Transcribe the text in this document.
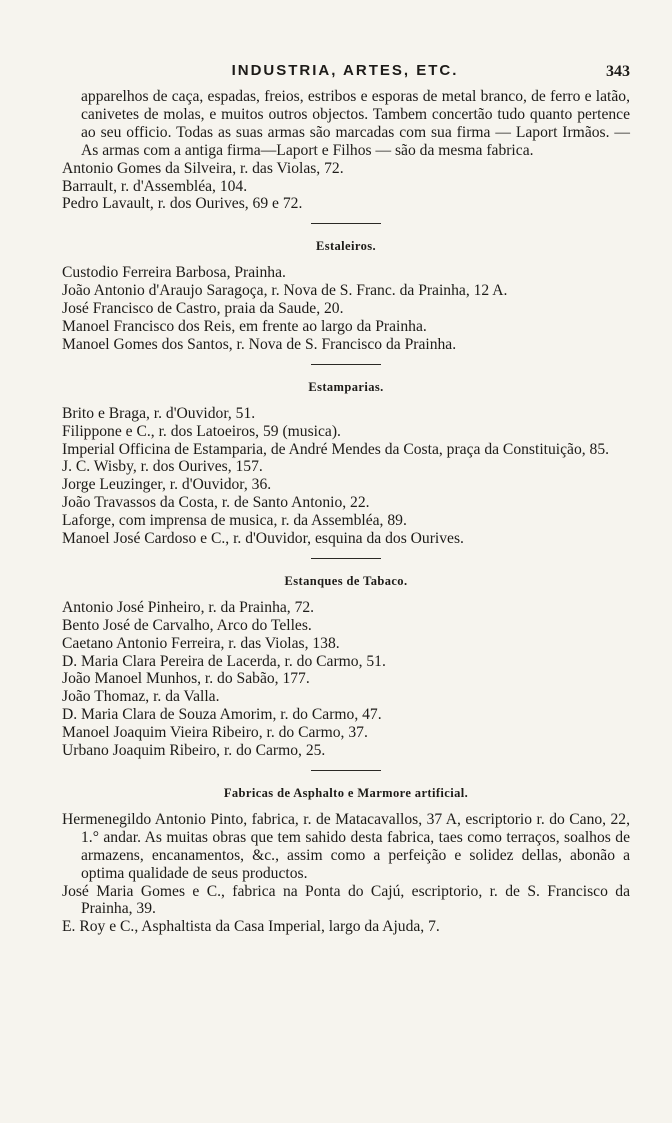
INDUSTRIA, ARTES, ETC.	343
apparelhos de caça, espadas, freios, estribos e esporas de metal branco, de ferro e latão, canivetes de molas, e muitos outros objectos. Tambem concertão tudo quanto pertence ao seu officio. Todas as suas armas são marcadas com sua firma — Laport Irmãos. — As armas com a antiga firma—Laport e Filhos — são da mesma fabrica.
Antonio Gomes da Silveira, r. das Violas, 72.
Barrault, r. d'Assembléa, 104.
Pedro Lavault, r. dos Ourives, 69 e 72.
Estaleiros.
Custodio Ferreira Barbosa, Prainha.
João Antonio d'Araujo Saragoça, r. Nova de S. Franc. da Prainha, 12 A.
José Francisco de Castro, praia da Saude, 20.
Manoel Francisco dos Reis, em frente ao largo da Prainha.
Manoel Gomes dos Santos, r. Nova de S. Francisco da Prainha.
Estamparias.
Brito e Braga, r. d'Ouvidor, 51.
Filippone e C., r. dos Latoeiros, 59 (musica).
Imperial Officina de Estamparia, de André Mendes da Costa, praça da Constituição, 85.
J. C. Wisby, r. dos Ourives, 157.
Jorge Leuzinger, r. d'Ouvidor, 36.
João Travassos da Costa, r. de Santo Antonio, 22.
Laforge, com imprensa de musica, r. da Assembléa, 89.
Manoel José Cardoso e C., r. d'Ouvidor, esquina da dos Ourives.
Estanques de Tabaco.
Antonio José Pinheiro, r. da Prainha, 72.
Bento José de Carvalho, Arco do Telles.
Caetano Antonio Ferreira, r. das Violas, 138.
D. Maria Clara Pereira de Lacerda, r. do Carmo, 51.
João Manoel Munhos, r. do Sabão, 177.
João Thomaz, r. da Valla.
D. Maria Clara de Souza Amorim, r. do Carmo, 47.
Manoel Joaquim Vieira Ribeiro, r. do Carmo, 37.
Urbano Joaquim Ribeiro, r. do Carmo, 25.
Fabricas de Asphalto e Marmore artificial.
Hermenegildo Antonio Pinto, fabrica, r. de Matacavallos, 37 A, escriptorio r. do Cano, 22, 1.° andar. As muitas obras que tem sahido desta fabrica, taes como terraços, soalhos de armazens, encanamentos, &c., assim como a perfeição e solidez dellas, abonão a optima qualidade de seus productos.
José Maria Gomes e C., fabrica na Ponta do Cajú, escriptorio, r. de S. Francisco da Prainha, 39.
E. Roy e C., Asphaltista da Casa Imperial, largo da Ajuda, 7.
